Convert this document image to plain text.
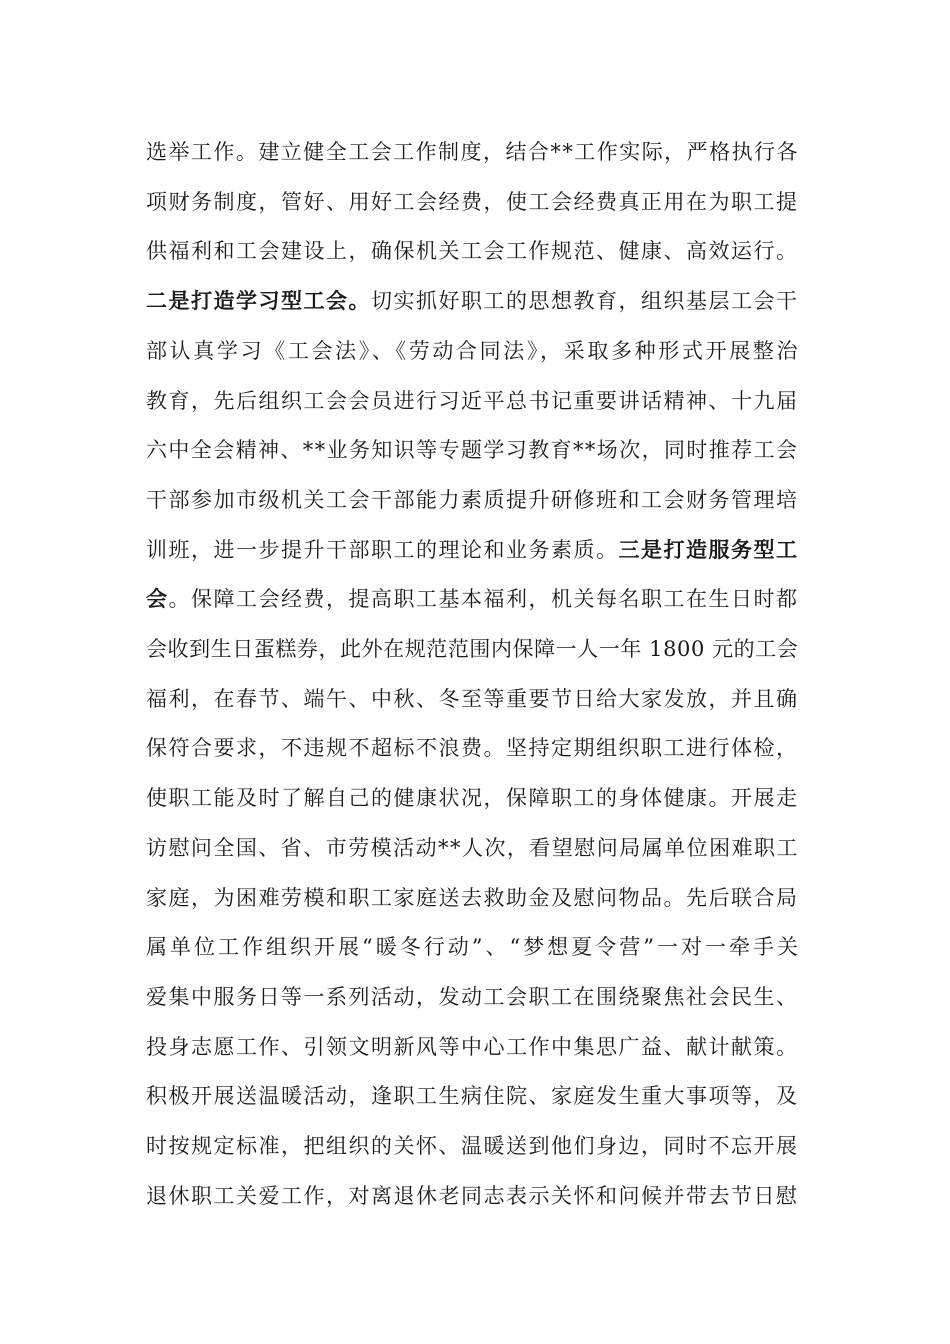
选举工作。建立健全工会工作制度，结合**工作实际，严格执行各
项财务制度，管好、用好工会经费，使工会经费真正用在为职工提
供福利和工会建设上，确保机关工会工作规范、健康、高效运行。
二是打造学习型工会。切实抓好职工的思想教育，组织基层工会干
部认真学习《工会法》、《劳动合同法》，采取多种形式开展整治
教育，先后组织工会会员进行习近平总书记重要讲话精神、十九届
六中全会精神、**业务知识等专题学习教育**场次，同时推荐工会
干部参加市级机关工会干部能力素质提升研修班和工会财务管理培
训班，进一步提升干部职工的理论和业务素质。三是打造服务型工
会。保障工会经费，提高职工基本福利，机关每名职工在生日时都
会收到生日蛋糕券，此外在规范范围内保障一人一年 1800 元的工会
福利，在春节、端午、中秋、冬至等重要节日给大家发放，并且确
保符合要求，不违规不超标不浪费。坚持定期组织职工进行体检，
使职工能及时了解自己的健康状况，保障职工的身体健康。开展走
访慰问全国、省、市劳模活动**人次，看望慰问局属单位困难职工
家庭，为困难劳模和职工家庭送去救助金及慰问物品。先后联合局
属单位工作组织开展“暖冬行动”、“梦想夏令营”一对一牵手关
爱集中服务日等一系列活动，发动工会职工在围绕聚焦社会民生、
投身志愿工作、引领文明新风等中心工作中集思广益、献计献策。
积极开展送温暖活动，逢职工生病住院、家庭发生重大事项等，及
时按规定标准，把组织的关怀、温暖送到他们身边，同时不忘开展
退休职工关爱工作，对离退休老同志表示关怀和问候并带去节日慰
